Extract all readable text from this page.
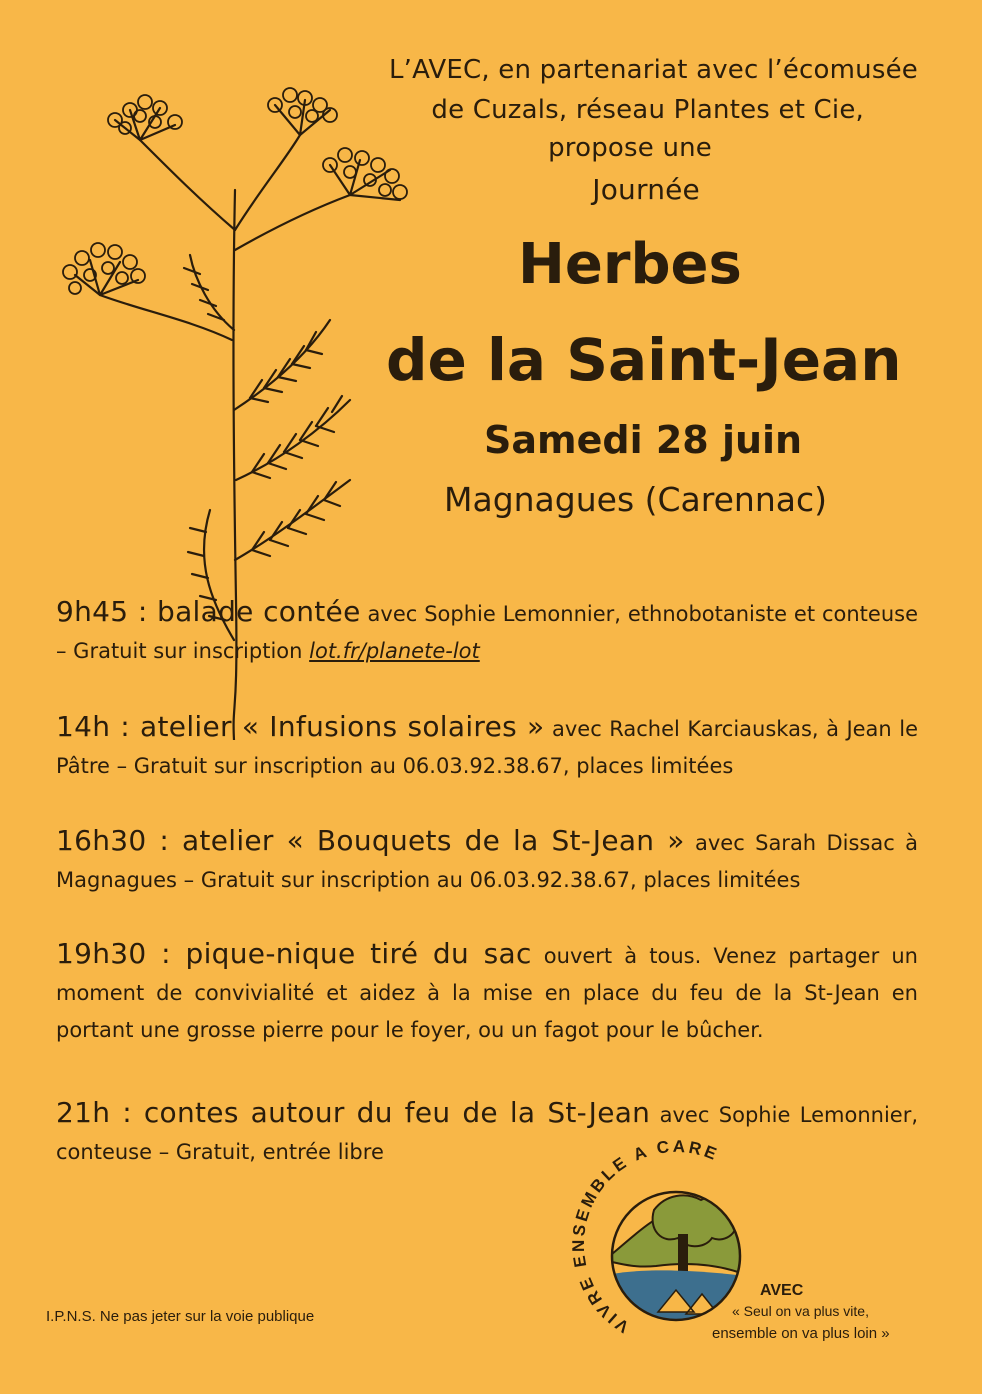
L’AVEC, en partenariat avec l’écomusée
de Cuzals, réseau Plantes et Cie,
propose une
Journée
Herbes
de la Saint-Jean
Samedi 28 juin
Magnagues (Carennac)
9h45 : balade contée avec Sophie Lemonnier, ethnobotaniste et conteuse – Gratuit sur inscription lot.fr/planete-lot
14h : atelier « Infusions solaires » avec Rachel Karciauskas, à Jean le Pâtre – Gratuit sur inscription au 06.03.92.38.67, places limitées
16h30 : atelier « Bouquets de la St-Jean » avec Sarah Dissac à Magnagues – Gratuit sur inscription au 06.03.92.38.67, places limitées
19h30 : pique-nique tiré du sac ouvert à tous. Venez partager un moment de convivialité et aidez à la mise en place du feu de la St-Jean en portant une grosse pierre pour le foyer, ou un fagot pour le bûcher.
21h : contes autour du feu de la St-Jean avec Sophie Lemonnier, conteuse – Gratuit, entrée libre
I.P.N.S. Ne pas jeter sur la voie publique	VIVRE ENSEMBLE A CARENNAC	AVEC
« Seul on va plus vite,
ensemble on va plus loin »
